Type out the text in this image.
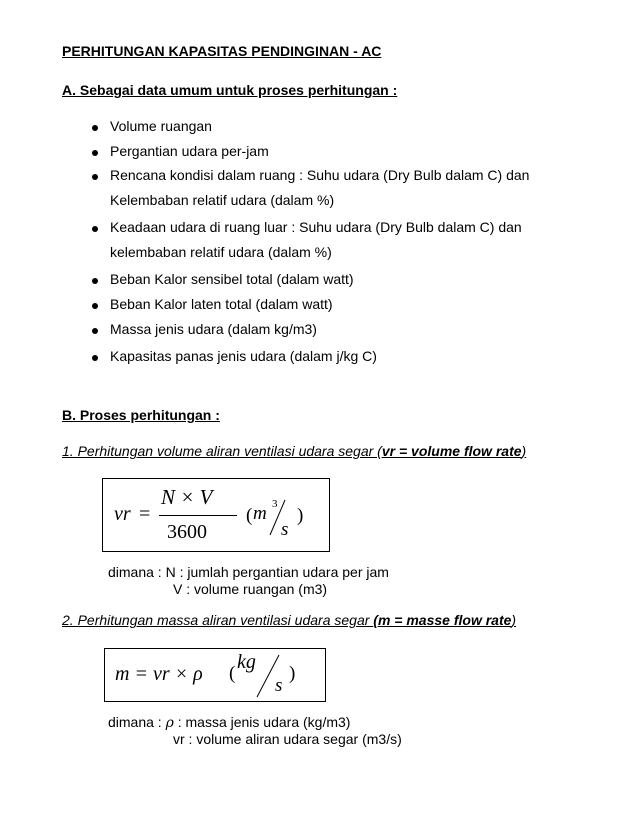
PERHITUNGAN KAPASITAS PENDINGINAN - AC
A. Sebagai data umum untuk proses perhitungan :
Volume ruangan
Pergantian udara per-jam
Rencana kondisi dalam ruang : Suhu udara (Dry Bulb dalam C) dan
Kelembaban relatif udara (dalam %)
Keadaan udara di ruang luar : Suhu udara (Dry Bulb dalam C) dan
kelembaban relatif udara (dalam %)
Beban Kalor sensibel total (dalam watt)
Beban Kalor laten total (dalam watt)
Massa jenis udara (dalam kg/m3)
Kapasitas panas jenis udara (dalam j/kg C)
B. Proses perhitungan :
1. Perhitungan volume aliran ventilasi udara segar (vr = volume flow rate)
vr =
N × V
3600
( m 3
s
)
dimana : N : jumlah pergantian udara per jam
V : volume ruangan (m3)
2. Perhitungan massa aliran ventilasi udara segar (m = masse flow rate)
m = vr × ρ (
kg
s
)
dimana : ρ : massa jenis udara (kg/m3)
vr : volume aliran udara segar (m3/s)
